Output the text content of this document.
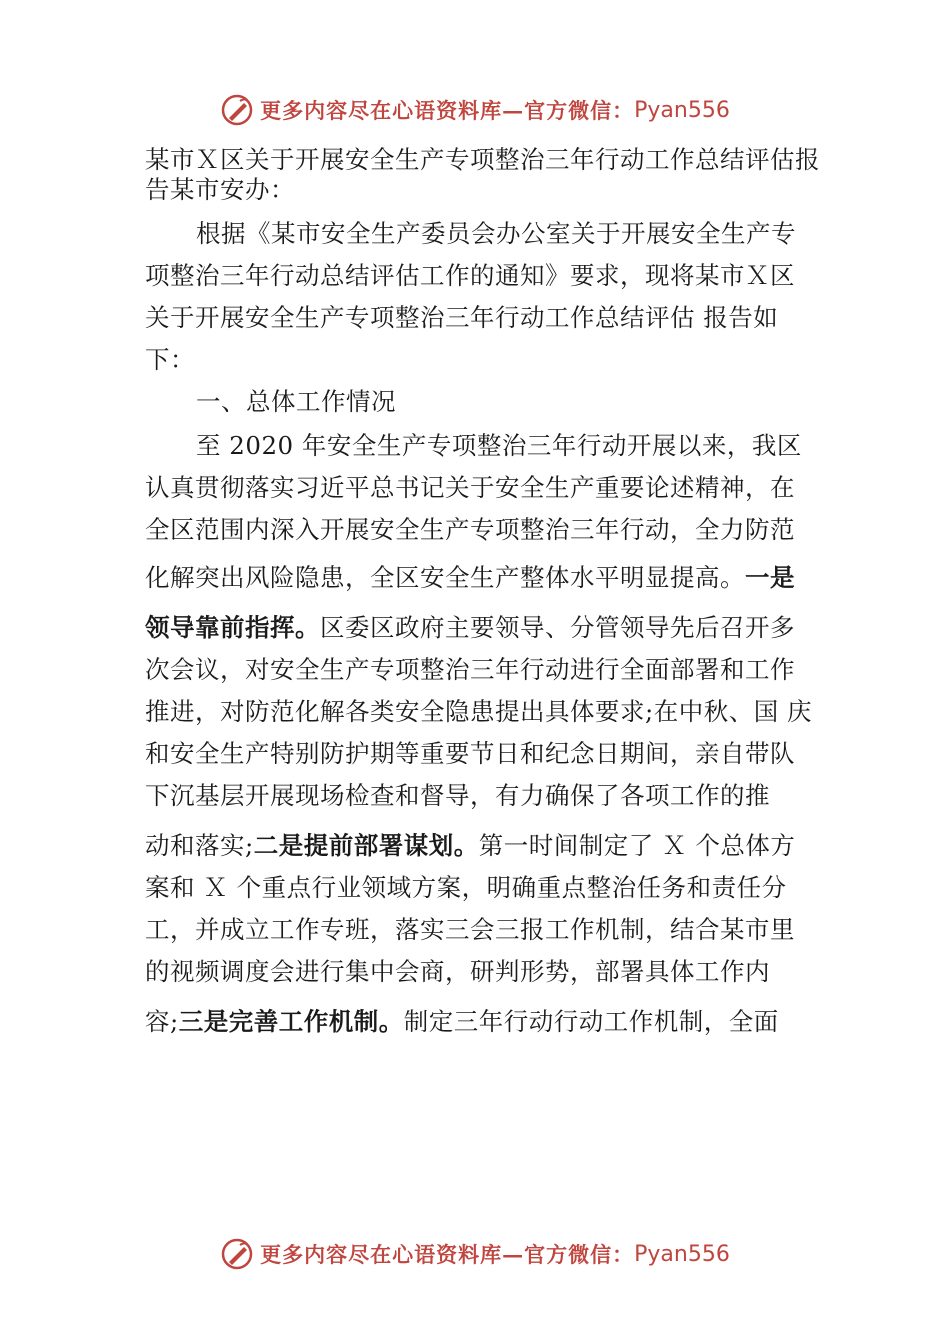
更多内容尽在心语资料库—官方微信： Pyan556
某市Ｘ区关于开展安全生产专项整治三年行动工作总结评估报
告某市安办：
根据《某市安全生产委员会办公室关于开展安全生产专
项整治三年行动总结评估工作的通知》要求，现将某市Ｘ区
关于开展安全生产专项整治三年行动工作总结评估 报告如
下：
一、总体工作情况
至 2020 年安全生产专项整治三年行动开展以来，我区
认真贯彻落实习近平总书记关于安全生产重要论述精神，在
全区范围内深入开展安全生产专项整治三年行动，全力防范
化解突出风险隐患，全区安全生产整体水平明显提高。一是
领导靠前指挥。区委区政府主要领导、分管领导先后召开多
次会议，对安全生产专项整治三年行动进行全面部署和工作
推进，对防范化解各类安全隐患提出具体要求;在中秋、国 庆
和安全生产特别防护期等重要节日和纪念日期间，亲自带队
下沉基层开展现场检查和督导，有力确保了各项工作的推
动和落实;二是提前部署谋划。第一时间制定了 Ｘ 个总体方
案和 Ｘ 个重点行业领域方案，明确重点整治任务和责任分
工，并成立工作专班，落实三会三报工作机制，结合某市里
的视频调度会进行集中会商，研判形势，部署具体工作内
容;三是完善工作机制。制定三年行动行动工作机制，全面
更多内容尽在心语资料库—官方微信： Pyan556
